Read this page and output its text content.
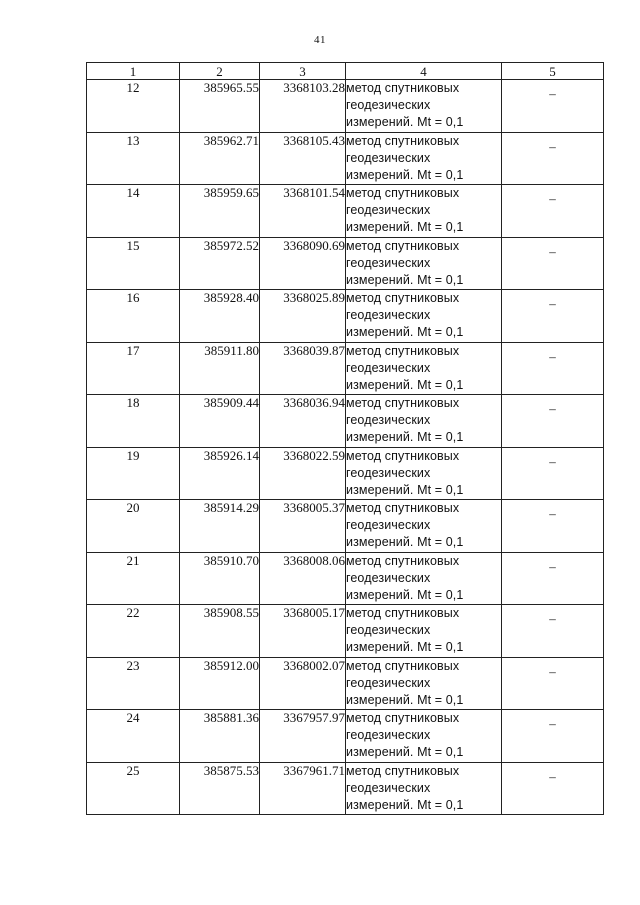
41
1	2	3	4	5
12	385965.55	3368103.28	метод спутниковых
геодезических
измерений. Mt = 0,1	–
13	385962.71	3368105.43	метод спутниковых
геодезических
измерений. Mt = 0,1	–
14	385959.65	3368101.54	метод спутниковых
геодезических
измерений. Mt = 0,1	–
15	385972.52	3368090.69	метод спутниковых
геодезических
измерений. Mt = 0,1	–
16	385928.40	3368025.89	метод спутниковых
геодезических
измерений. Mt = 0,1	–
17	385911.80	3368039.87	метод спутниковых
геодезических
измерений. Mt = 0,1	–
18	385909.44	3368036.94	метод спутниковых
геодезических
измерений. Mt = 0,1	–
19	385926.14	3368022.59	метод спутниковых
геодезических
измерений. Mt = 0,1	–
20	385914.29	3368005.37	метод спутниковых
геодезических
измерений. Mt = 0,1	–
21	385910.70	3368008.06	метод спутниковых
геодезических
измерений. Mt = 0,1	–
22	385908.55	3368005.17	метод спутниковых
геодезических
измерений. Mt = 0,1	–
23	385912.00	3368002.07	метод спутниковых
геодезических
измерений. Mt = 0,1	–
24	385881.36	3367957.97	метод спутниковых
геодезических
измерений. Mt = 0,1	–
25	385875.53	3367961.71	метод спутниковых
геодезических
измерений. Mt = 0,1	–
